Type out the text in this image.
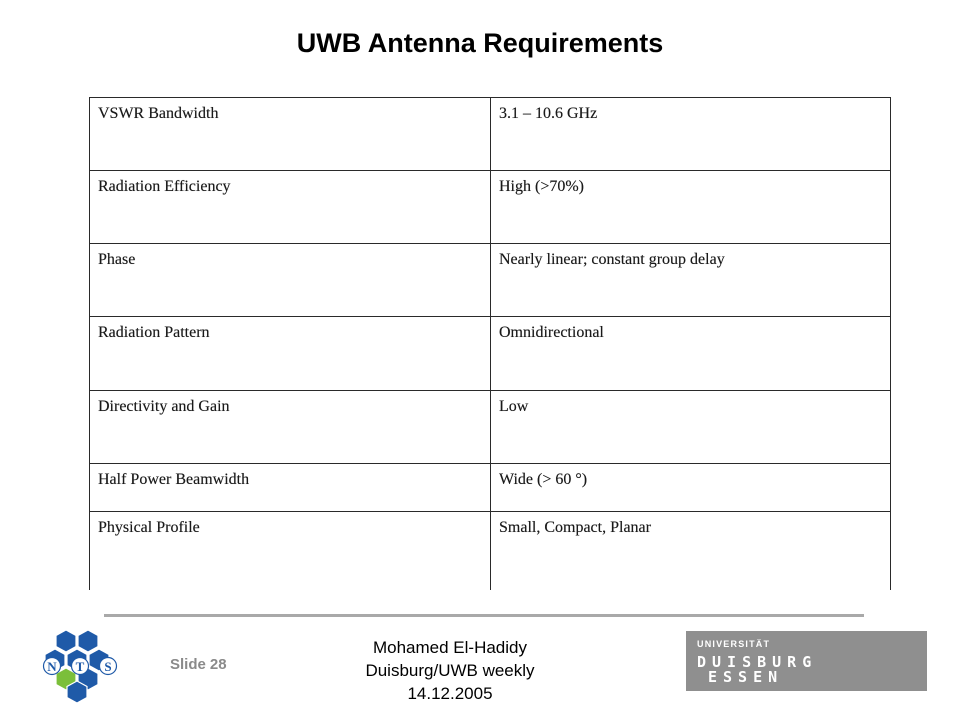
UWB Antenna Requirements
VSWR Bandwidth	3.1 – 10.6 GHz
Radiation Efficiency	High (>70%)
Phase	Nearly linear; constant group delay
Radiation Pattern	Omnidirectional
Directivity and Gain	Low
Half Power Beamwidth	Wide (> 60 °)
Physical Profile	Small, Compact, Planar
N T S	Slide 28
Mohamed El-Hadidy
Duisburg/UWB weekly
14.12.2005
UNIVERSITÄT
DUISBURG
ESSEN
